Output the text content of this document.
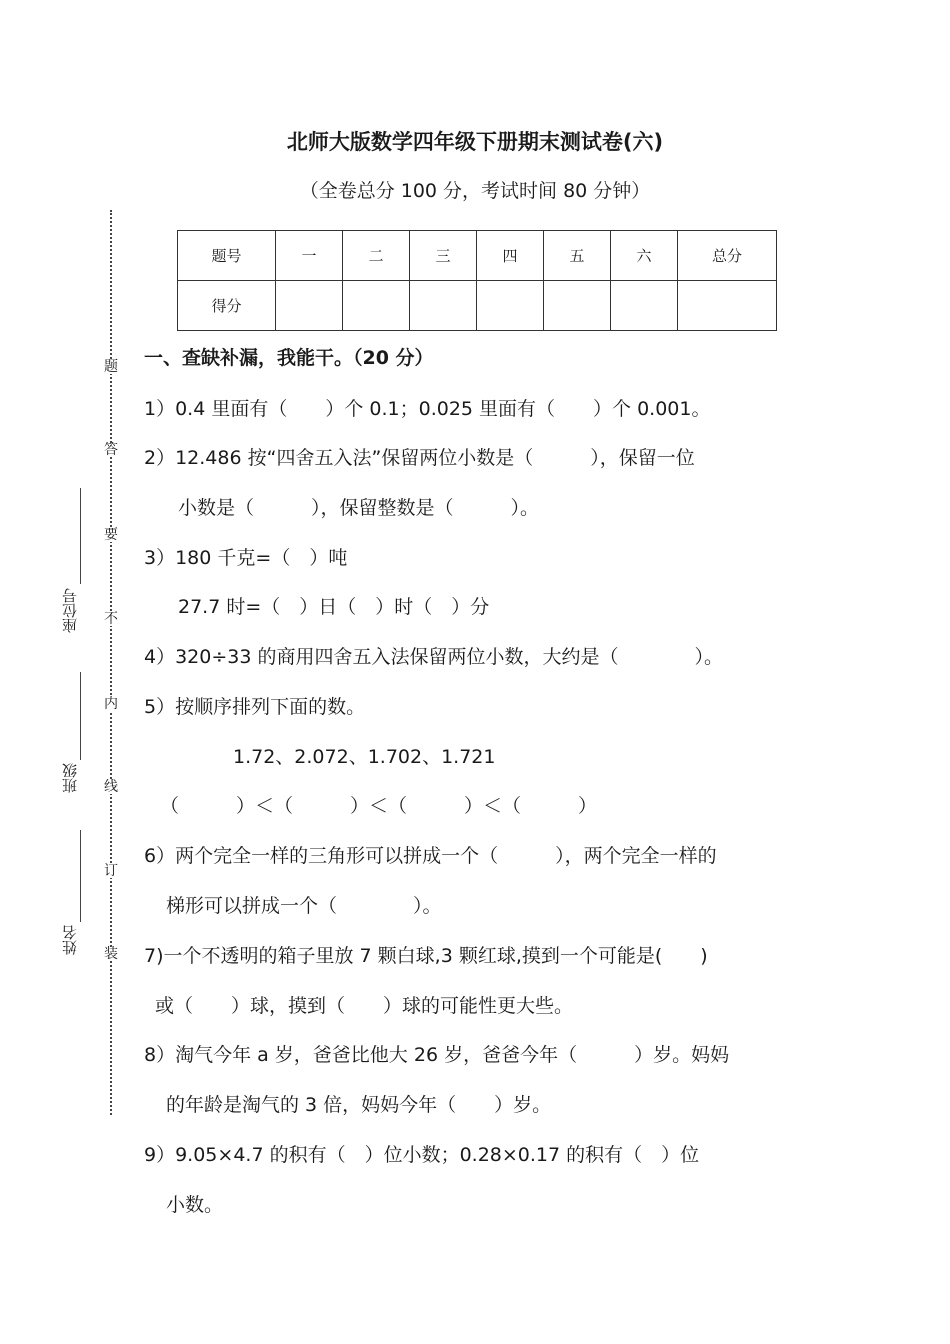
题
答
要
不
内
线
订
装
座位号
班级
姓名
北师大版数学四年级下册期末测试卷(六)
（全卷总分 100 分，考试时间 80 分钟）
题号	一	二	三	四	五	六	总分
得分							
一、查缺补漏，我能干。（20 分）
1）0.4 里面有（　　）个 0.1；0.025 里面有（　　）个 0.001。
2）12.486 按“四舍五入法”保留两位小数是（　　　），保留一位
小数是（　　　），保留整数是（　　　）。
3）180 千克=（　）吨
27.7 时=（　）日（　）时（　）分
4）320÷33 的商用四舍五入法保留两位小数，大约是（　　　　）。
5）按顺序排列下面的数。
1.72、2.072、1.702、1.721
（　　　）＜（　　　）＜（　　　）＜（　　　）
6）两个完全一样的三角形可以拼成一个（　　　），两个完全一样的
梯形可以拼成一个（　　　　）。
7)一个不透明的箱子里放 7 颗白球,3 颗红球,摸到一个可能是(　　)
或（　　）球，摸到（　　）球的可能性更大些。
8）淘气今年 a 岁，爸爸比他大 26 岁，爸爸今年（　　　）岁。妈妈
的年龄是淘气的 3 倍，妈妈今年（　　）岁。
9）9.05×4.7 的积有（　）位小数；0.28×0.17 的积有（　）位
小数。
